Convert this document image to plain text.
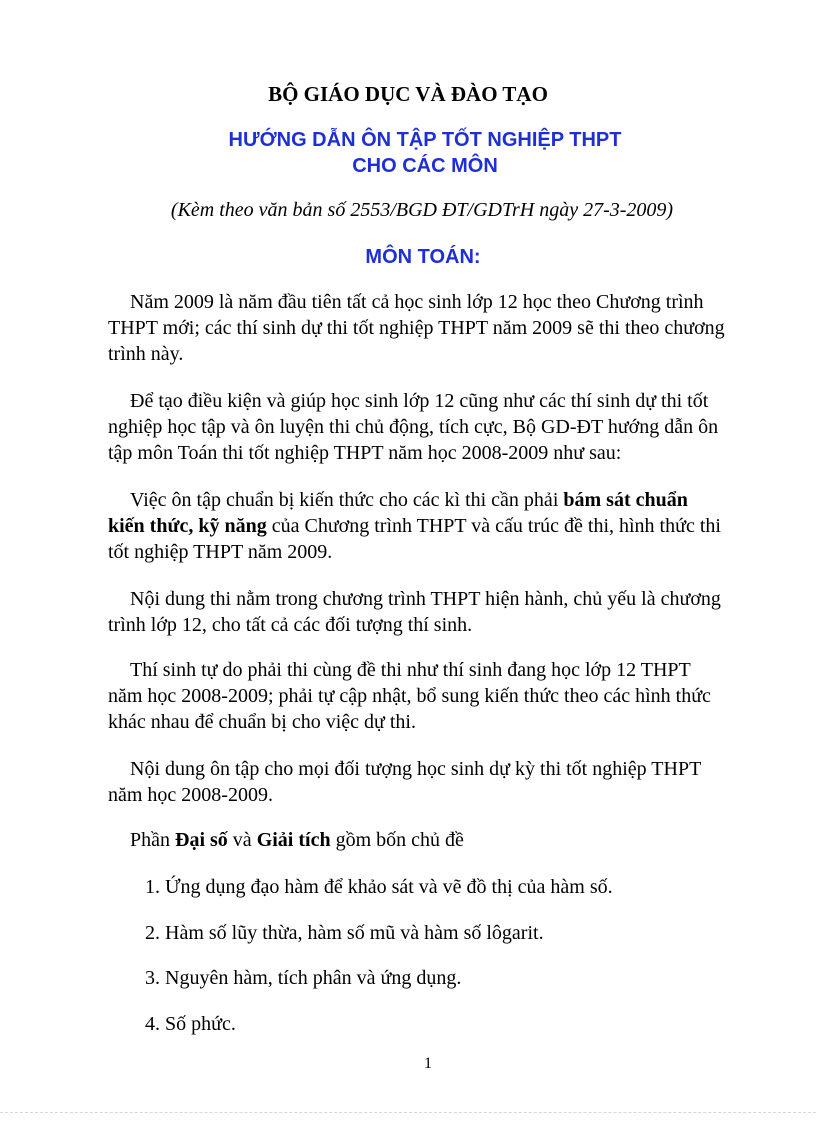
BỘ GIÁO DỤC VÀ ĐÀO TẠO
HƯỚNG DẪN ÔN TẬP TỐT NGHIỆP THPT
CHO CÁC MÔN
(Kèm theo văn bản số 2553/BGD ĐT/GDTrH ngày 27-3-2009)
MÔN TOÁN:

Năm 2009 là năm đầu tiên tất cả học sinh lớp 12 học theo Chương trình THPT mới; các thí sinh dự thi tốt nghiệp THPT năm 2009 sẽ thi theo chương trình này.

Để tạo điều kiện và giúp học sinh lớp 12 cũng như các thí sinh dự thi tốt nghiệp học tập và ôn luyện thi chủ động, tích cực, Bộ GD-ĐT hướng dẫn ôn tập môn Toán thi tốt nghiệp THPT năm học 2008-2009 như sau:

Việc ôn tập chuẩn bị kiến thức cho các kì thi cần phải bám sát chuẩn kiến thức, kỹ năng của Chương trình THPT và cấu trúc đề thi, hình thức thi tốt nghiệp THPT năm 2009.

Nội dung thi nằm trong chương trình THPT hiện hành, chủ yếu là chương trình lớp 12, cho tất cả các đối tượng thí sinh.

Thí sinh tự do phải thi cùng đề thi như thí sinh đang học lớp 12 THPT năm học 2008-2009; phải tự cập nhật, bổ sung kiến thức theo các hình thức khác nhau để chuẩn bị cho việc dự thi.

Nội dung ôn tập cho mọi đối tượng học sinh dự kỳ thi tốt nghiệp THPT năm học 2008-2009.

Phần Đại số và Giải tích gồm bốn chủ đề

1. Ứng dụng đạo hàm để khảo sát và vẽ đồ thị của hàm số.
2. Hàm số lũy thừa, hàm số mũ và hàm số lôgarit.
3. Nguyên hàm, tích phân và ứng dụng.
4. Số phức.
1
